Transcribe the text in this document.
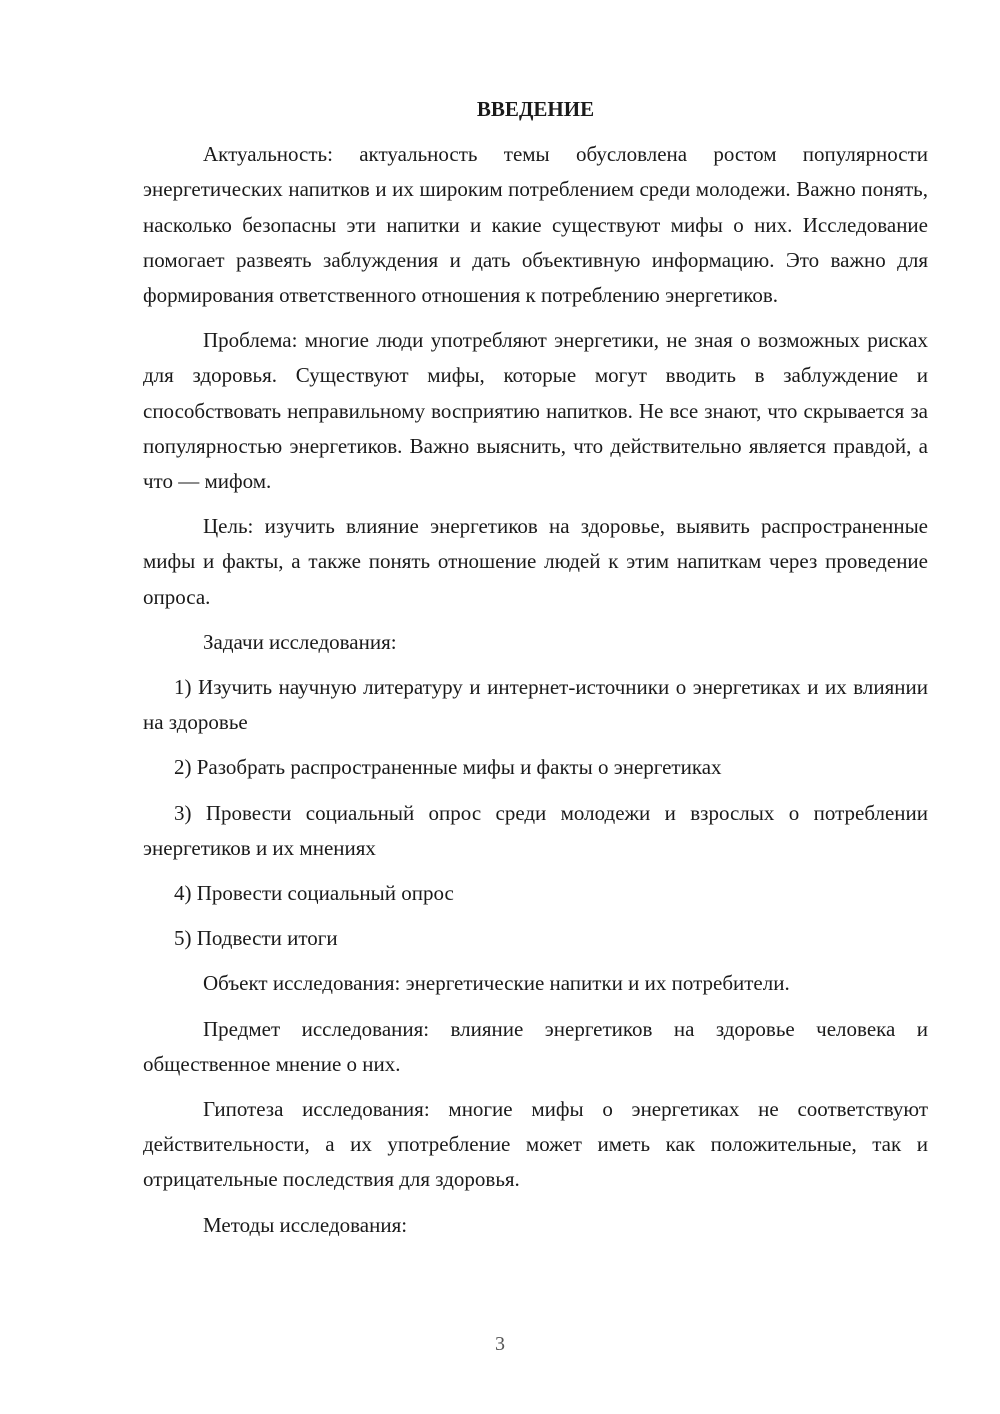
ВВЕДЕНИЕ

Актуальность: актуальность темы обусловлена ростом популярности энергетических напитков и их широким потреблением среди молодежи. Важно понять, насколько безопасны эти напитки и какие существуют мифы о них. Исследование помогает развеять заблуждения и дать объективную информацию. Это важно для формирования ответственного отношения к потреблению энергетиков.

Проблема: многие люди употребляют энергетики, не зная о возможных рисках для здоровья. Существуют мифы, которые могут вводить в заблуждение и способствовать неправильному восприятию напитков. Не все знают, что скрывается за популярностью энергетиков. Важно выяснить, что действительно является правдой, а что — мифом.

Цель: изучить влияние энергетиков на здоровье, выявить распространенные мифы и факты, а также понять отношение людей к этим напиткам через проведение опроса.

Задачи исследования:

1) Изучить научную литературу и интернет-источники о энергетиках и их влиянии на здоровье

2) Разобрать распространенные мифы и факты о энергетиках

3) Провести социальный опрос среди молодежи и взрослых о потреблении энергетиков и их мнениях

4) Провести социальный опрос

5) Подвести итоги

Объект исследования: энергетические напитки и их потребители.

Предмет исследования: влияние энергетиков на здоровье человека и общественное мнение о них.

Гипотеза исследования: многие мифы о энергетиках не соответствуют действительности, а их употребление может иметь как положительные, так и отрицательные последствия для здоровья.

Методы исследования:

3
